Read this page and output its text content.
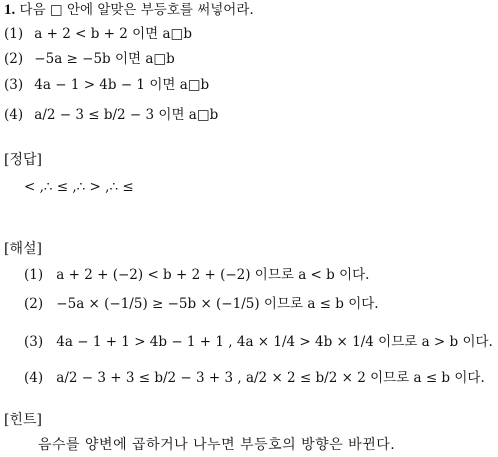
1. 다음 □ 안에 알맞은 부등호를 써넣어라.
(1) a + 2 < b + 2 이면 a□b
(2) −5a ≥ −5b 이면 a□b
(3) 4a − 1 > 4b − 1 이면 a□b
(4) a/2 − 3 ≤ b/2 − 3 이면 a□b
[정답]
< ,∴ ≤ ,∴ > ,∴ ≤
[해설]
(1) a + 2 + (−2) < b + 2 + (−2) 이므로 a < b 이다.
(2) −5a × (−1/5) ≥ −5b × (−1/5) 이므로 a ≤ b 이다.
(3) 4a − 1 + 1 > 4b − 1 + 1 , 4a × 1/4 > 4b × 1/4 이므로 a > b 이다.
(4) a/2 − 3 + 3 ≤ b/2 − 3 + 3 , a/2 × 2 ≤ b/2 × 2 이므로 a ≤ b 이다.
[힌트]
음수를 양변에 곱하거나 나누면 부등호의 방향은 바뀐다.
